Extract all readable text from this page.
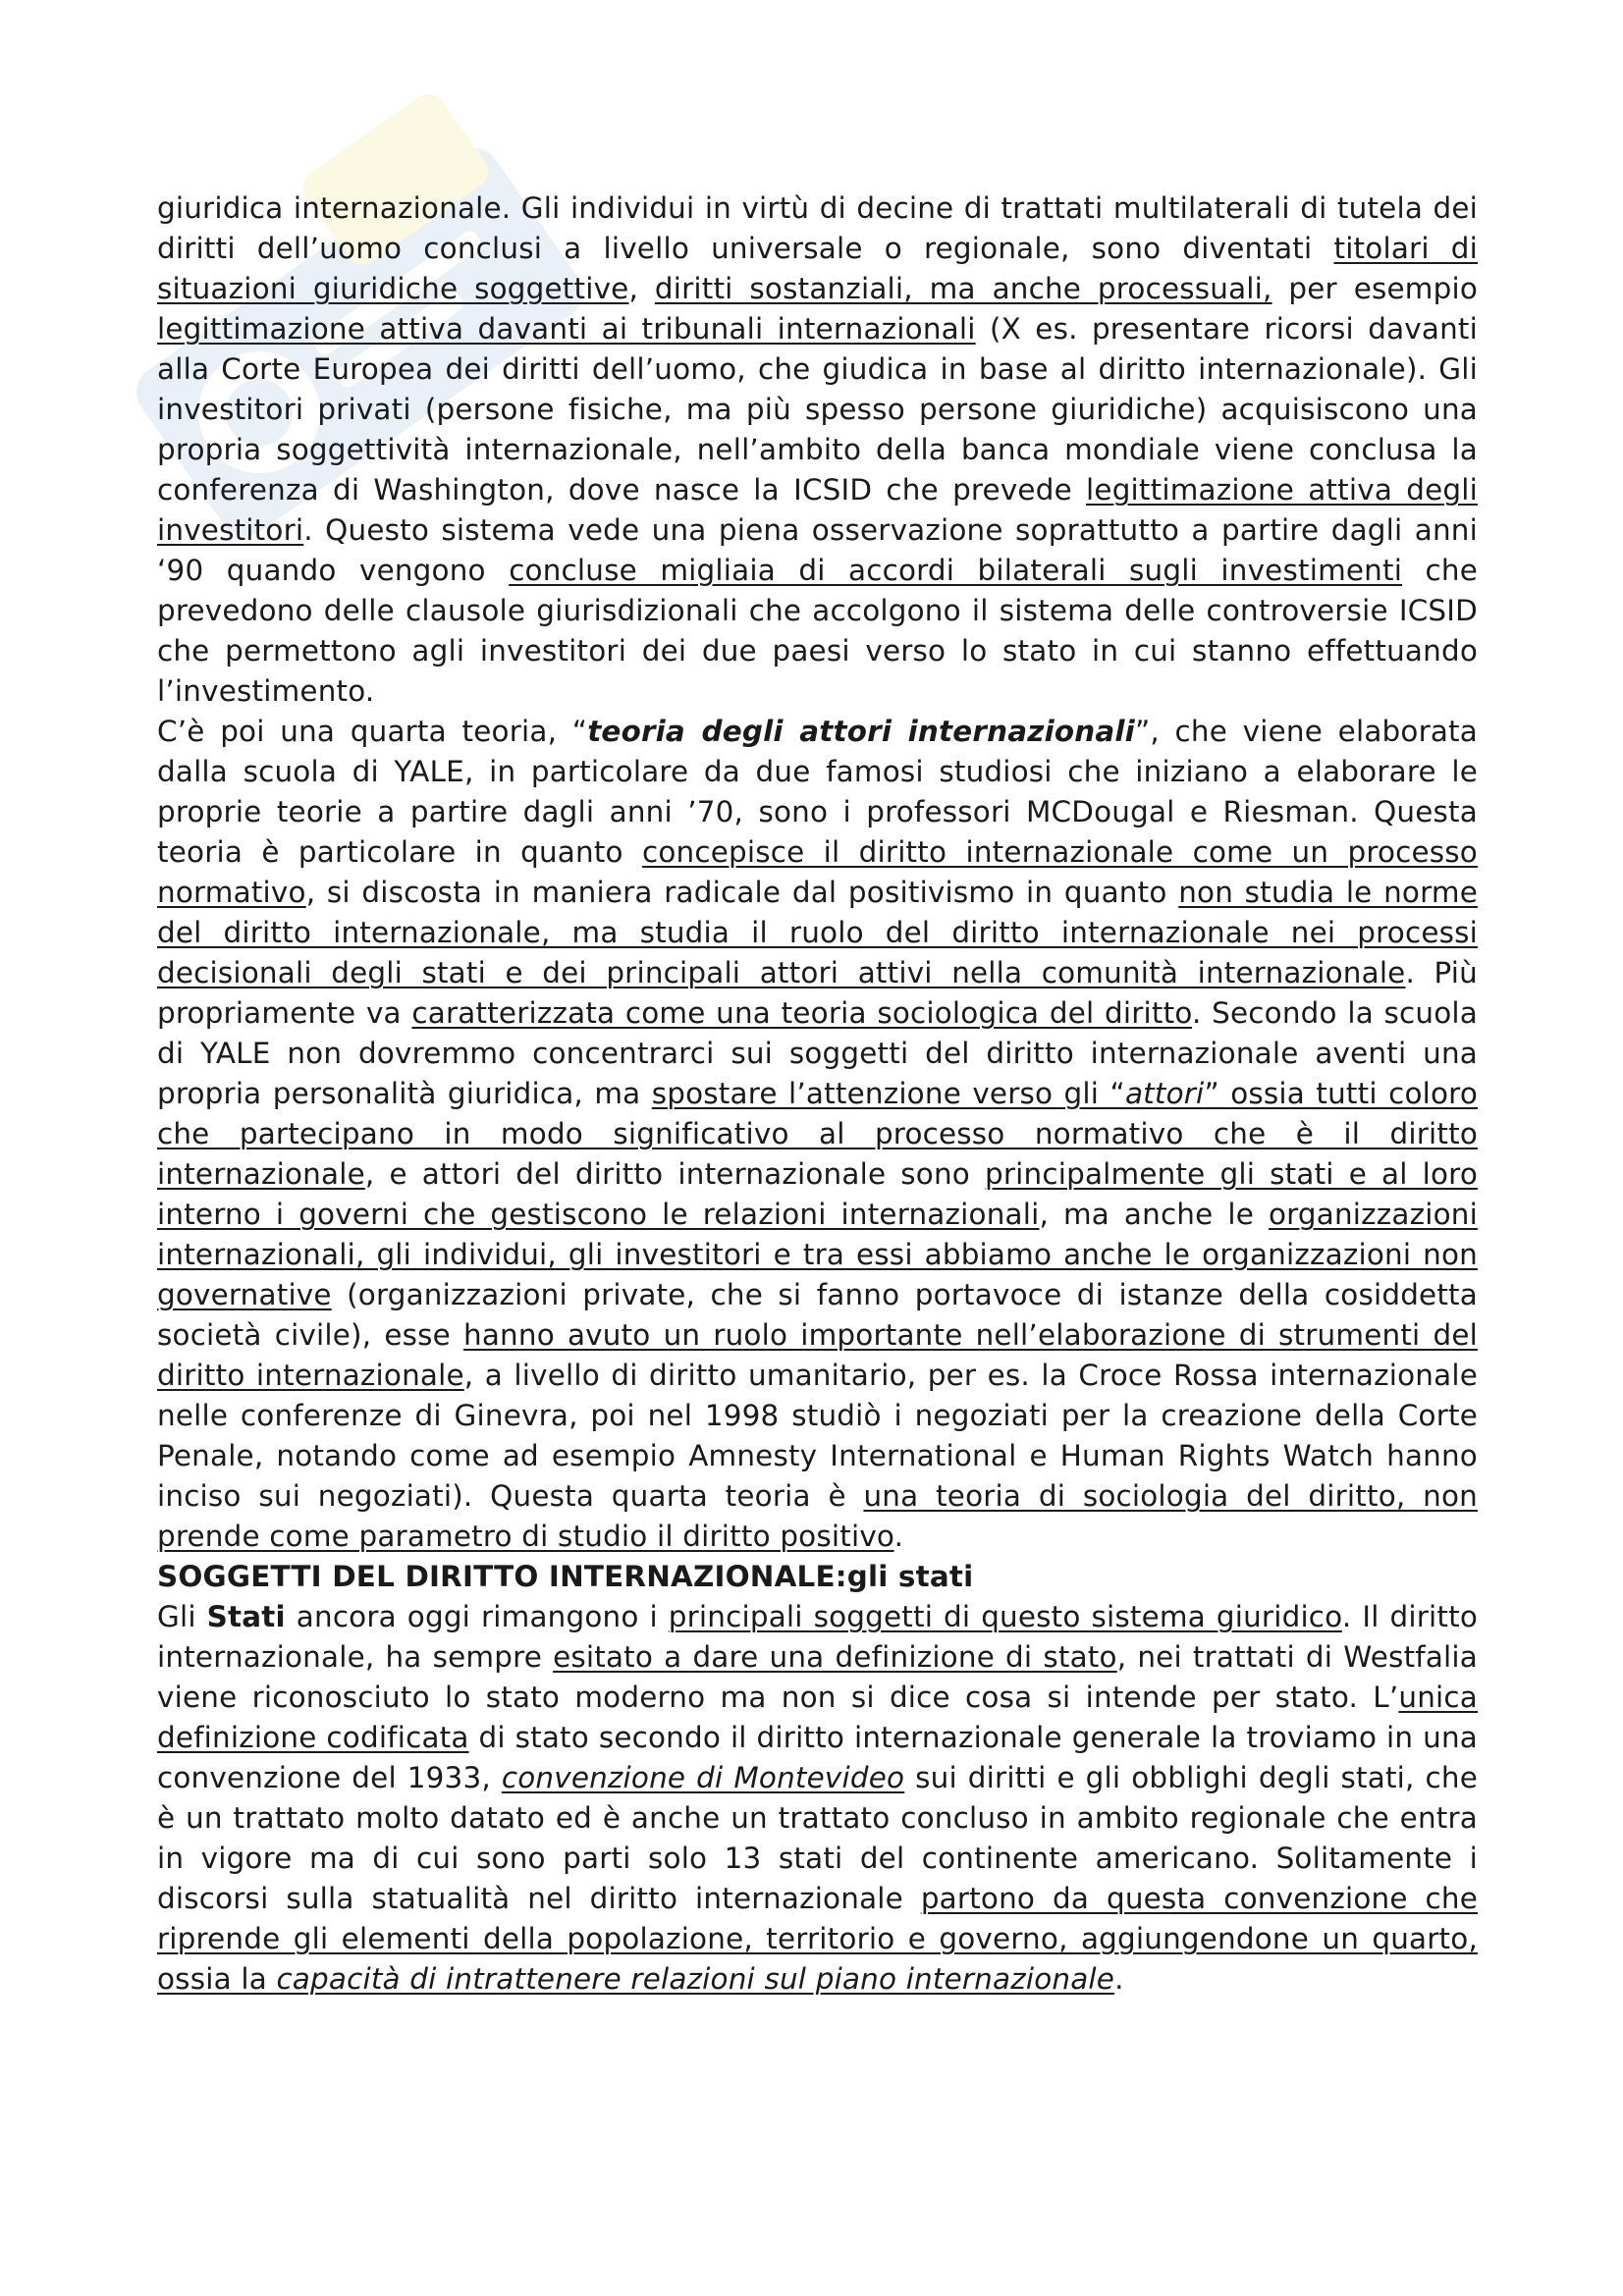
giuridica internazionale. Gli individui in virtù di decine di trattati multilaterali di tutela dei diritti dell’uomo conclusi a livello universale o regionale, sono diventati titolari di situazioni giuridiche soggettive, diritti sostanziali, ma anche processuali, per esempio legittimazione attiva davanti ai tribunali internazionali (X es. presentare ricorsi davanti alla Corte Europea dei diritti dell’uomo, che giudica in base al diritto internazionale). Gli investitori privati (persone fisiche, ma più spesso persone giuridiche) acquisiscono una propria soggettività internazionale, nell’ambito della banca mondiale viene conclusa la conferenza di Washington, dove nasce la ICSID che prevede legittimazione attiva degli investitori. Questo sistema vede una piena osservazione soprattutto a partire dagli anni ‘90 quando vengono concluse migliaia di accordi bilaterali sugli investimenti che prevedono delle clausole giurisdizionali che accolgono il sistema delle controversie ICSID che permettono agli investitori dei due paesi verso lo stato in cui stanno effettuando l’investimento.

C’è poi una quarta teoria, “teoria degli attori internazionali”, che viene elaborata dalla scuola di YALE, in particolare da due famosi studiosi che iniziano a elaborare le proprie teorie a partire dagli anni ’70, sono i professori MCDougal e Riesman. Questa teoria è particolare in quanto concepisce il diritto internazionale come un processo normativo, si discosta in maniera radicale dal positivismo in quanto non studia le norme del diritto internazionale, ma studia il ruolo del diritto internazionale nei processi decisionali degli stati e dei principali attori attivi nella comunità internazionale. Più propriamente va caratterizzata come una teoria sociologica del diritto. Secondo la scuola di YALE non dovremmo concentrarci sui soggetti del diritto internazionale aventi una propria personalità giuridica, ma spostare l’attenzione verso gli “attori” ossia tutti coloro che partecipano in modo significativo al processo normativo che è il diritto internazionale, e attori del diritto internazionale sono principalmente gli stati e al loro interno i governi che gestiscono le relazioni internazionali, ma anche le organizzazioni internazionali, gli individui, gli investitori e tra essi abbiamo anche le organizzazioni non governative (organizzazioni private, che si fanno portavoce di istanze della cosiddetta società civile), esse hanno avuto un ruolo importante nell’elaborazione di strumenti del diritto internazionale, a livello di diritto umanitario, per es. la Croce Rossa internazionale nelle conferenze di Ginevra, poi nel 1998 studiò i negoziati per la creazione della Corte Penale, notando come ad esempio Amnesty International e Human Rights Watch hanno inciso sui negoziati). Questa quarta teoria è una teoria di sociologia del diritto, non prende come parametro di studio il diritto positivo.

SOGGETTI DEL DIRITTO INTERNAZIONALE:gli stati

Gli Stati ancora oggi rimangono i principali soggetti di questo sistema giuridico. Il diritto internazionale, ha sempre esitato a dare una definizione di stato, nei trattati di Westfalia viene riconosciuto lo stato moderno ma non si dice cosa si intende per stato. L’unica definizione codificata di stato secondo il diritto internazionale generale la troviamo in una convenzione del 1933, convenzione di Montevideo sui diritti e gli obblighi degli stati, che è un trattato molto datato ed è anche un trattato concluso in ambito regionale che entra in vigore ma di cui sono parti solo 13 stati del continente americano. Solitamente i discorsi sulla statualità nel diritto internazionale partono da questa convenzione che riprende gli elementi della popolazione, territorio e governo, aggiungendone un quarto, ossia la capacità di intrattenere relazioni sul piano internazionale.
